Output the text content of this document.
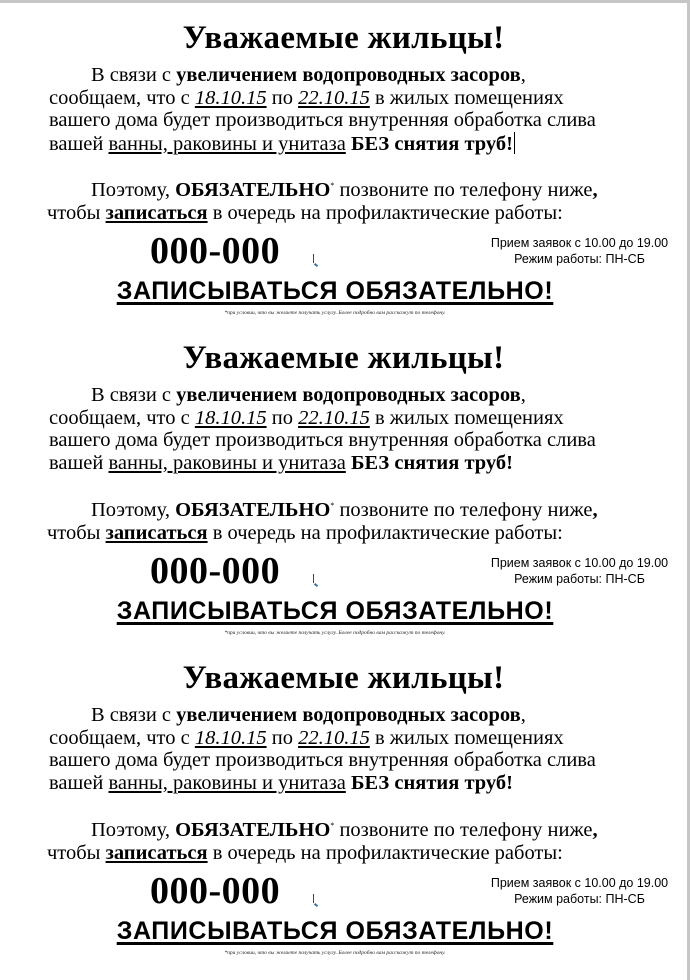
Уважаемые жильцы!
В связи с увеличением водопроводных засоров,
сообщаем, что с 18.10.15 по 22.10.15 в жилых помещениях
вашего дома будет производиться внутренняя обработка слива
вашей ванны, раковины и унитаза БЕЗ снятия труб!
Поэтому, ОБЯЗАТЕЛЬНО* позвоните по телефону ниже,
чтобы записаться в очередь на профилактические работы:
000-000	Прием заявок с 10.00 до 19.00
Режим работы: ПН-СБ
ЗАПИСЫВАТЬСЯ ОБЯЗАТЕЛЬНО!
*при условии, что вы желаете получать услугу. Более подробно вам расскажут по телефону.
Уважаемые жильцы!
В связи с увеличением водопроводных засоров,
сообщаем, что с 18.10.15 по 22.10.15 в жилых помещениях
вашего дома будет производиться внутренняя обработка слива
вашей ванны, раковины и унитаза БЕЗ снятия труб!
Поэтому, ОБЯЗАТЕЛЬНО* позвоните по телефону ниже,
чтобы записаться в очередь на профилактические работы:
000-000	Прием заявок с 10.00 до 19.00
Режим работы: ПН-СБ
ЗАПИСЫВАТЬСЯ ОБЯЗАТЕЛЬНО!
*при условии, что вы желаете получать услугу. Более подробно вам расскажут по телефону.
Уважаемые жильцы!
В связи с увеличением водопроводных засоров,
сообщаем, что с 18.10.15 по 22.10.15 в жилых помещениях
вашего дома будет производиться внутренняя обработка слива
вашей ванны, раковины и унитаза БЕЗ снятия труб!
Поэтому, ОБЯЗАТЕЛЬНО* позвоните по телефону ниже,
чтобы записаться в очередь на профилактические работы:
000-000	Прием заявок с 10.00 до 19.00
Режим работы: ПН-СБ
ЗАПИСЫВАТЬСЯ ОБЯЗАТЕЛЬНО!
*при условии, что вы желаете получать услугу. Более подробно вам расскажут по телефону.
